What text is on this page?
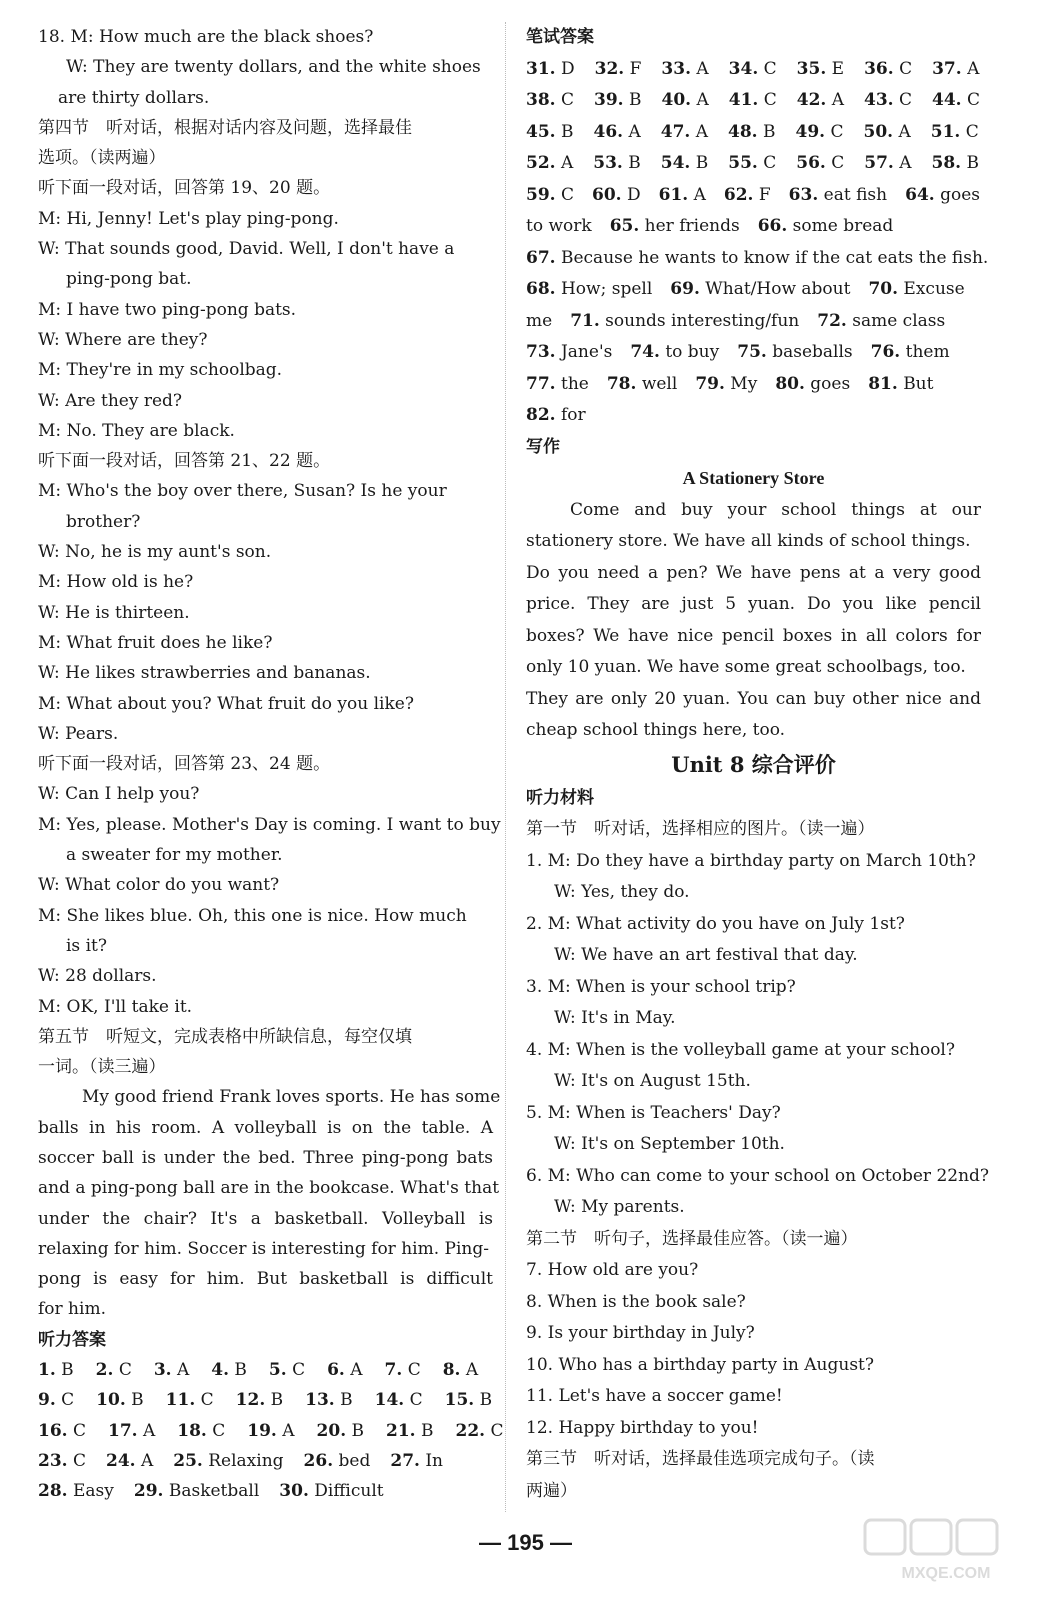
18. M: How much are the black shoes?
W: They are twenty dollars, and the white shoes
are thirty dollars.
第四节　听对话，根据对话内容及问题，选择最佳
选项。（读两遍）
听下面一段对话，回答第 19、20 题。
M: Hi, Jenny! Let's play ping-pong.
W: That sounds good, David. Well, I don't have a
ping-pong bat.
M: I have two ping-pong bats.
W: Where are they?
M: They're in my schoolbag.
W: Are they red?
M: No. They are black.
听下面一段对话，回答第 21、22 题。
M: Who's the boy over there, Susan? Is he your
brother?
W: No, he is my aunt's son.
M: How old is he?
W: He is thirteen.
M: What fruit does he like?
W: He likes strawberries and bananas.
M: What about you? What fruit do you like?
W: Pears.
听下面一段对话，回答第 23、24 题。
W: Can I help you?
M: Yes, please. Mother's Day is coming. I want to buy
a sweater for my mother.
W: What color do you want?
M: She likes blue. Oh, this one is nice. How much
is it?
W: 28 dollars.
M: OK, I'll take it.
第五节　听短文，完成表格中所缺信息，每空仅填
一词。（读三遍）
My good friend Frank loves sports. He has some
balls in his room. A volleyball is on the table. A
soccer ball is under the bed. Three ping-pong bats
and a ping-pong ball are in the bookcase. What's that
under the chair? It's a basketball. Volleyball is
relaxing for him. Soccer is interesting for him. Ping-
pong is easy for him. But basketball is difficult
for him.
听力答案
1. B 2. C 3. A 4. B 5. C 6. A 7. C 8. A
9. C 10. B 11. C 12. B 13. B 14. C 15. B
16. C 17. A 18. C 19. A 20. B 21. B 22. C
23. C 24. A 25. Relaxing 26. bed 27. In
28. Easy 29. Basketball 30. Difficult
笔试答案
31. D 32. F 33. A 34. C 35. E 36. C 37. A
38. C 39. B 40. A 41. C 42. A 43. C 44. C
45. B 46. A 47. A 48. B 49. C 50. A 51. C
52. A 53. B 54. B 55. C 56. C 57. A 58. B
59. C 60. D 61. A 62. F 63. eat fish 64. goes
to work 65. her friends 66. some bread
67. Because he wants to know if the cat eats the fish.
68. How; spell 69. What/How about 70. Excuse
me 71. sounds interesting/fun 72. same class
73. Jane's 74. to buy 75. baseballs 76. them
77. the 78. well 79. My 80. goes 81. But
82. for
写作
A Stationery Store
Come and buy your school things at our
stationery store. We have all kinds of school things.
Do you need a pen? We have pens at a very good
price. They are just 5 yuan. Do you like pencil
boxes? We have nice pencil boxes in all colors for
only 10 yuan. We have some great schoolbags, too.
They are only 20 yuan. You can buy other nice and
cheap school things here, too.
Unit 8 综合评价
听力材料
第一节　听对话，选择相应的图片。（读一遍）
1. M: Do they have a birthday party on March 10th?
W: Yes, they do.
2. M: What activity do you have on July 1st?
W: We have an art festival that day.
3. M: When is your school trip?
W: It's in May.
4. M: When is the volleyball game at your school?
W: It's on August 15th.
5. M: When is Teachers' Day?
W: It's on September 10th.
6. M: Who can come to your school on October 22nd?
W: My parents.
第二节　听句子，选择最佳应答。（读一遍）
7. How old are you?
8. When is the book sale?
9. Is your birthday in July?
10. Who has a birthday party in August?
11. Let's have a soccer game!
12. Happy birthday to you!
第三节　听对话，选择最佳选项完成句子。（读
两遍）
— 195 —
MXQE.COM
